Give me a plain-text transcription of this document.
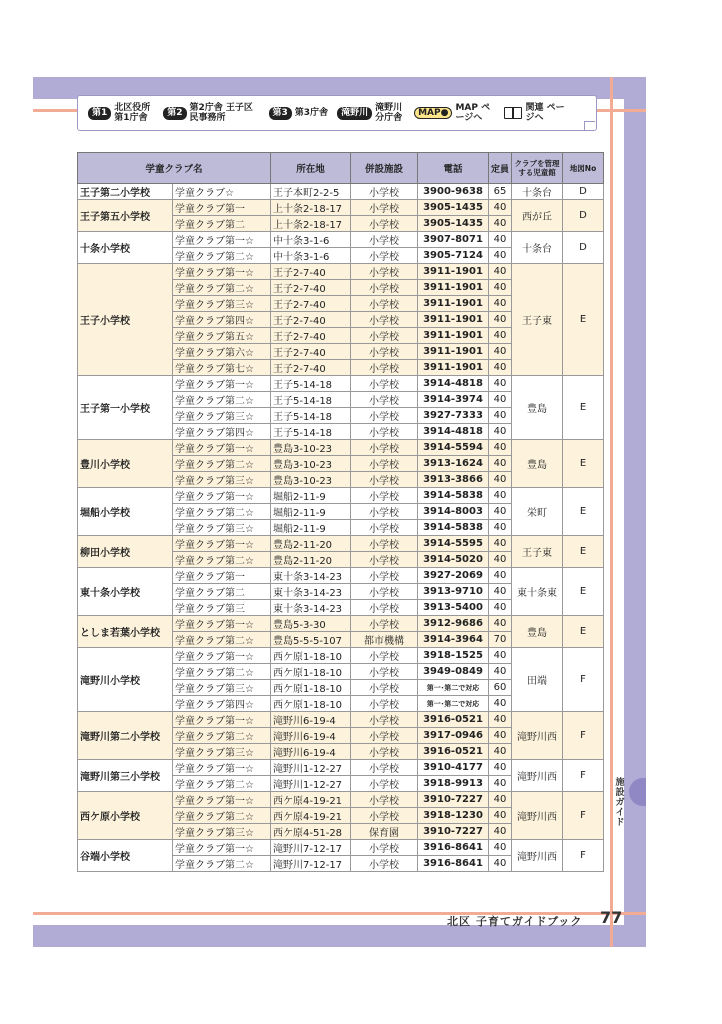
第1 北区役所 第1庁舎
第2 第2庁舎 王子区民事務所
第3 第3庁舎	滝野川 滝野川 分庁舎	MAP● MAP ページへ
関連 ページへ
学童クラブ名		所在地	併設施設	電話	定員	クラブを管理する児童館	地図No
王子第二小学校	学童クラブ☆	王子本町2-2-5	小学校	3900-9638	65	十条台	D
王子第五小学校	学童クラブ第一	上十条2-18-17	小学校	3905-1435	40	西が丘	D
	学童クラブ第二	上十条2-18-17	小学校	3905-1435	40		
十条小学校	学童クラブ第一☆	中十条3-1-6	小学校	3907-8071	40	十条台	D
	学童クラブ第二☆	中十条3-1-6	小学校	3905-7124	40		
王子小学校	学童クラブ第一☆	王子2-7-40	小学校	3911-1901	40	王子東	E
	学童クラブ第二☆	王子2-7-40	小学校	3911-1901	40		
	学童クラブ第三☆	王子2-7-40	小学校	3911-1901	40		
	学童クラブ第四☆	王子2-7-40	小学校	3911-1901	40		
	学童クラブ第五☆	王子2-7-40	小学校	3911-1901	40		
	学童クラブ第六☆	王子2-7-40	小学校	3911-1901	40		
	学童クラブ第七☆	王子2-7-40	小学校	3911-1901	40		
王子第一小学校	学童クラブ第一☆	王子5-14-18	小学校	3914-4818	40	豊島	E
	学童クラブ第二☆	王子5-14-18	小学校	3914-3974	40		
	学童クラブ第三☆	王子5-14-18	小学校	3927-7333	40		
	学童クラブ第四☆	王子5-14-18	小学校	3914-4818	40		
豊川小学校	学童クラブ第一☆	豊島3-10-23	小学校	3914-5594	40	豊島	E
	学童クラブ第二☆	豊島3-10-23	小学校	3913-1624	40		
	学童クラブ第三☆	豊島3-10-23	小学校	3913-3866	40		
堀船小学校	学童クラブ第一☆	堀船2-11-9	小学校	3914-5838	40	栄町	E
	学童クラブ第二☆	堀船2-11-9	小学校	3914-8003	40		
	学童クラブ第三☆	堀船2-11-9	小学校	3914-5838	40		
柳田小学校	学童クラブ第一☆	豊島2-11-20	小学校	3914-5595	40	王子東	E
	学童クラブ第二☆	豊島2-11-20	小学校	3914-5020	40		
東十条小学校	学童クラブ第一	東十条3-14-23	小学校	3927-2069	40	東十条東	E
	学童クラブ第二	東十条3-14-23	小学校	3913-9710	40		
	学童クラブ第三	東十条3-14-23	小学校	3913-5400	40		
としま若葉小学校	学童クラブ第一☆	豊島5-3-30	小学校	3912-9686	40	豊島	E
	学童クラブ第二☆	豊島5-5-5-107	都市機構	3914-3964	70		
滝野川小学校	学童クラブ第一☆	西ケ原1-18-10	小学校	3918-1525	40	田端	F
	学童クラブ第二☆	西ケ原1-18-10	小学校	3949-0849	40		
	学童クラブ第三☆	西ケ原1-18-10	小学校	第一･第二で対応	60		
	学童クラブ第四☆	西ケ原1-18-10	小学校	第一･第二で対応	40		
滝野川第二小学校	学童クラブ第一☆	滝野川6-19-4	小学校	3916-0521	40	滝野川西	F
	学童クラブ第二☆	滝野川6-19-4	小学校	3917-0946	40		
	学童クラブ第三☆	滝野川6-19-4	小学校	3916-0521	40		
滝野川第三小学校	学童クラブ第一☆	滝野川1-12-27	小学校	3910-4177	40	滝野川西	F
	学童クラブ第二☆	滝野川1-12-27	小学校	3918-9913	40		
西ケ原小学校	学童クラブ第一☆	西ケ原4-19-21	小学校	3910-7227	40	滝野川西	F
	学童クラブ第二☆	西ケ原4-19-21	小学校	3918-1230	40		
	学童クラブ第三☆	西ケ原4-51-28	保育園	3910-7227	40		
谷端小学校	学童クラブ第一☆	滝野川7-12-17	小学校	3916-8641	40	滝野川西	F
	学童クラブ第二☆	滝野川7-12-17	小学校	3916-8641	40		
施設ガイド
北区 子育てガイドブック 77
